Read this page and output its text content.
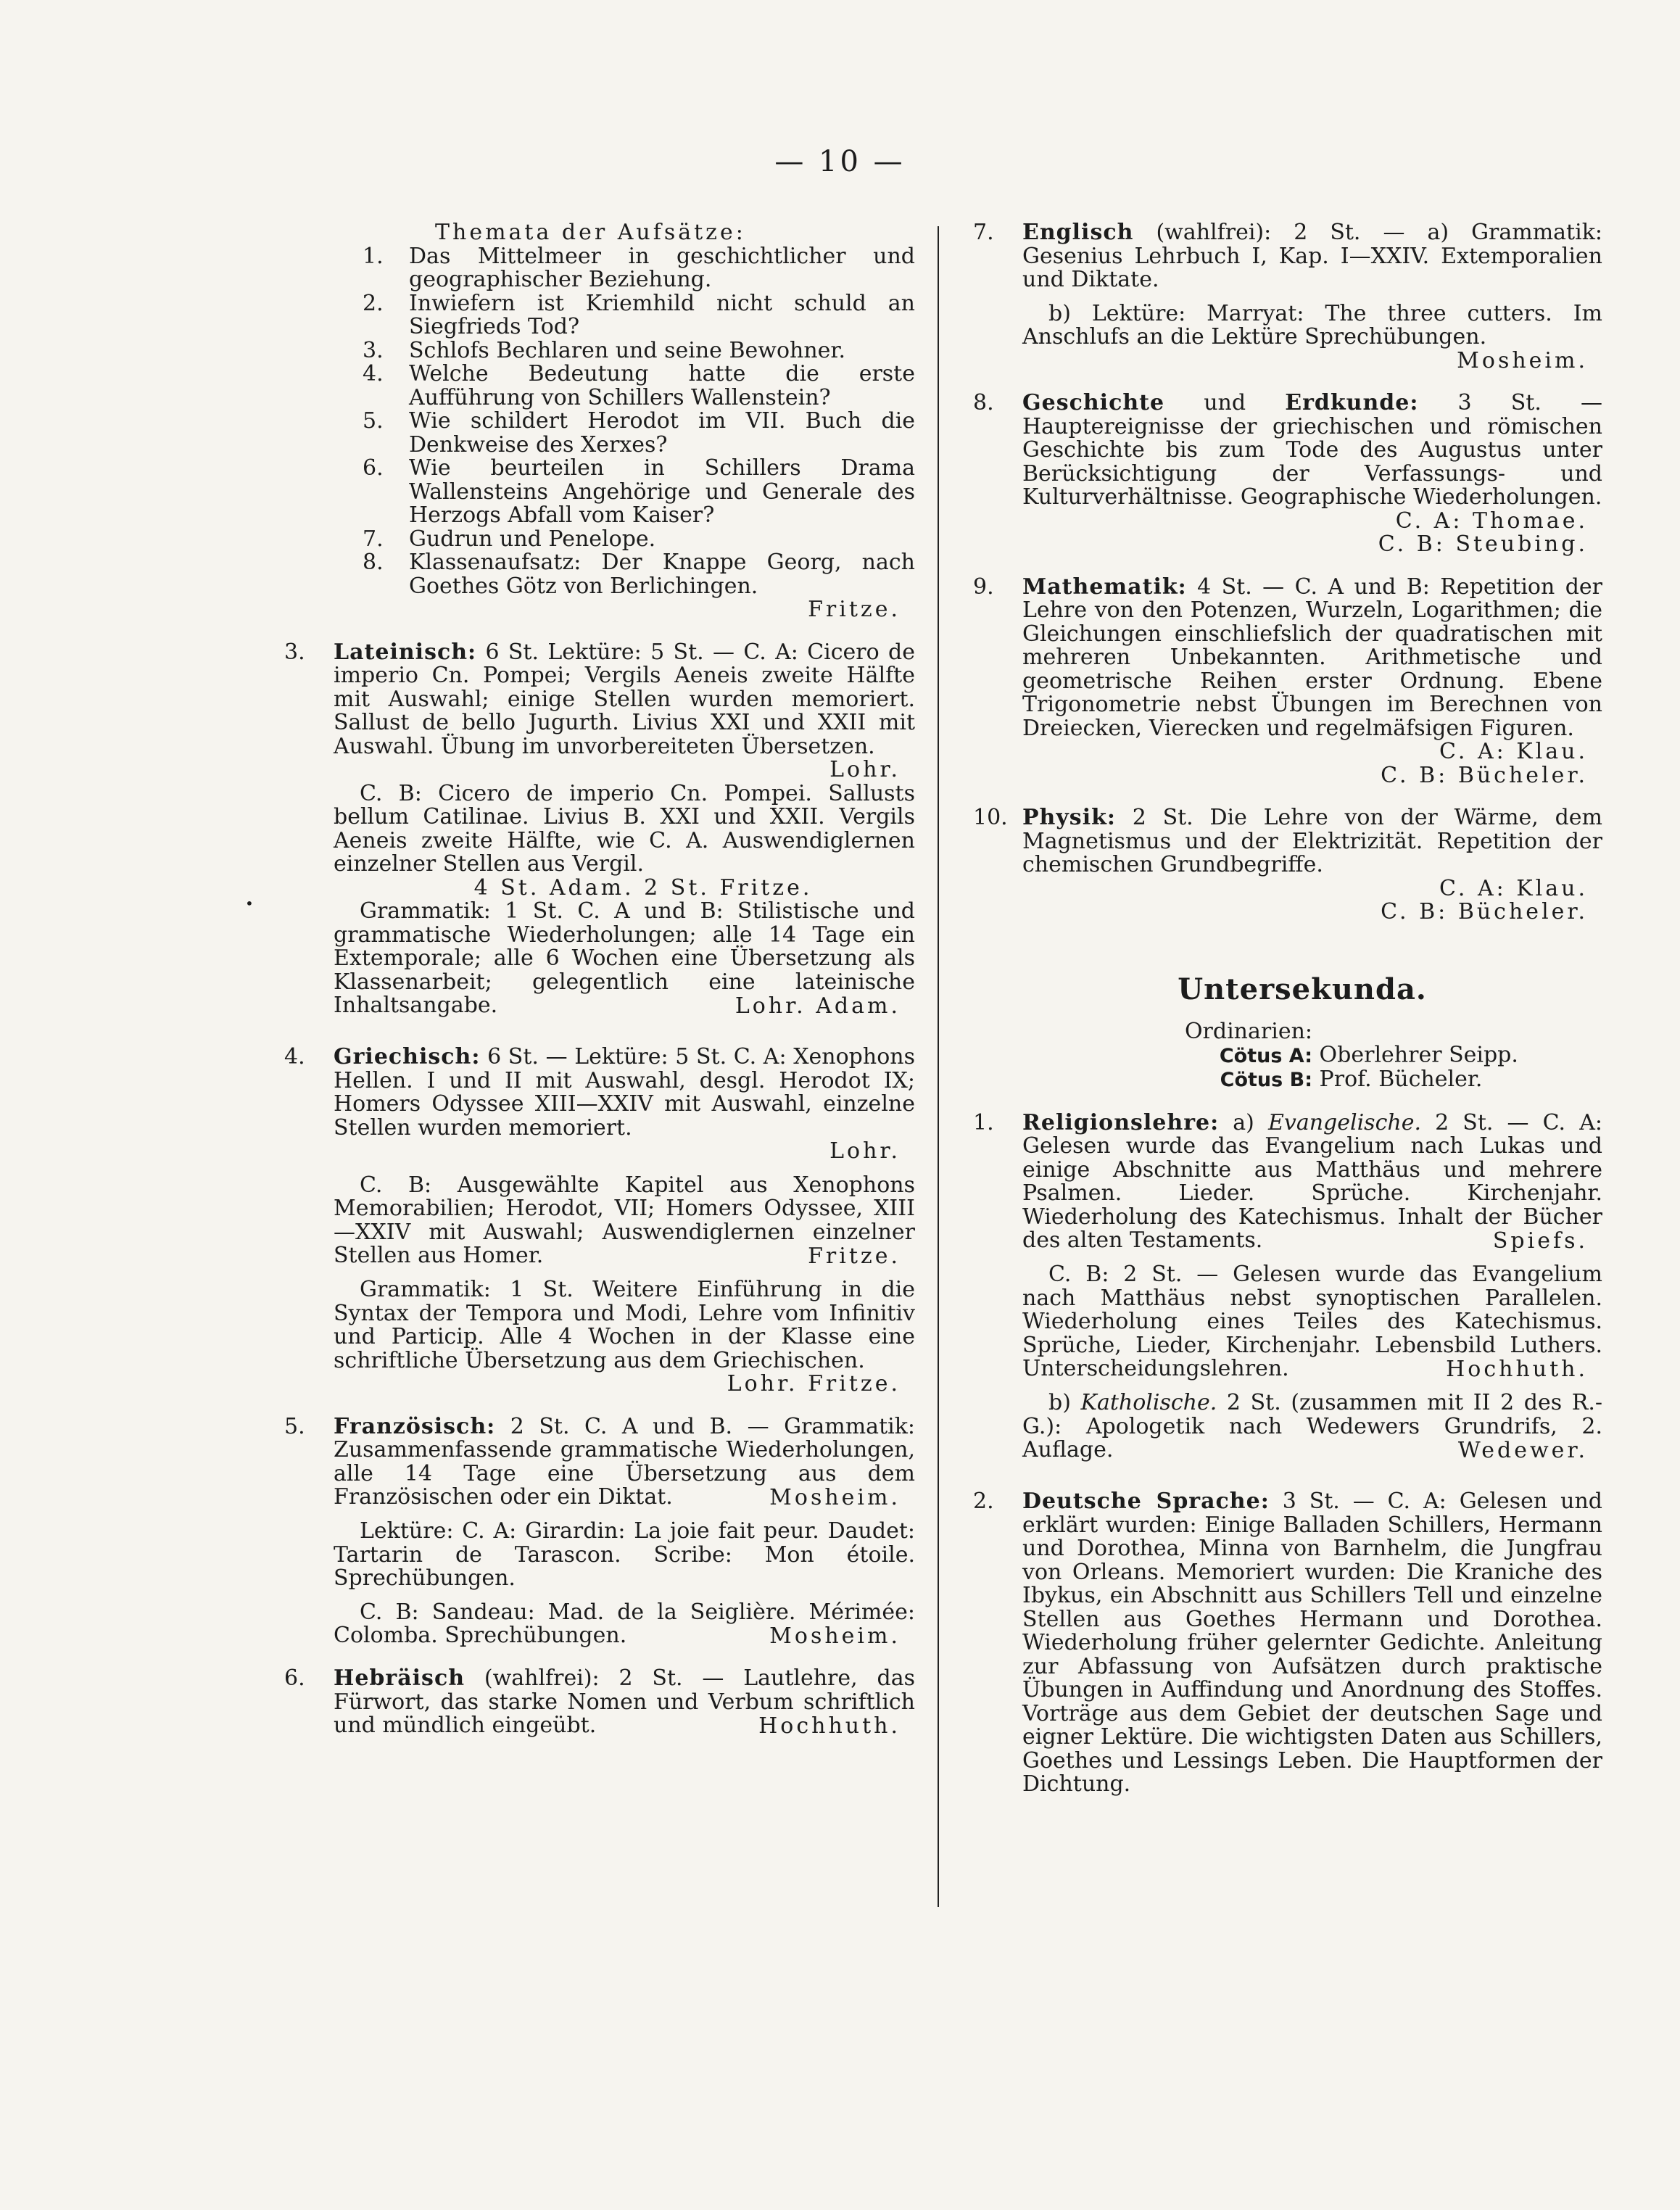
— 10 —
•
Themata der Aufsätze:
1. Das Mittelmeer in geschichtlicher und geographischer Beziehung.
2. Inwiefern ist Kriemhild nicht schuld an Siegfrieds Tod?
3. Schlofs Bechlaren und seine Bewohner.
4. Welche Bedeutung hatte die erste Aufführung von Schillers Wallenstein?
5. Wie schildert Herodot im VII. Buch die Denkweise des Xerxes?
6. Wie beurteilen in Schillers Drama Wallensteins Angehörige und Generale des Herzogs Abfall vom Kaiser?
7. Gudrun und Penelope.
8. Klassenaufsatz: Der Knappe Georg, nach Goethes Götz von Berlichingen.
Fritze.
3. Lateinisch: 6 St. Lektüre: 5 St. — C. A: Cicero de imperio Cn. Pompei; Vergils Aeneis zweite Hälfte mit Auswahl; einige Stellen wurden memoriert. Sallust de bello Jugurth. Livius XXI und XXII mit Auswahl. Übung im unvorbereiteten Übersetzen.
Lohr.
C. B: Cicero de imperio Cn. Pompei. Sallusts bellum Catilinae. Livius B. XXI und XXII. Vergils Aeneis zweite Hälfte, wie C. A. Auswendiglernen einzelner Stellen aus Vergil.
4 St. Adam. 2 St. Fritze.
Grammatik: 1 St. C. A und B: Stilistische und grammatische Wiederholungen; alle 14 Tage ein Extemporale; alle 6 Wochen eine Übersetzung als Klassenarbeit; gelegentlich eine lateinische Inhaltsangabe.	Lohr. Adam.
4. Griechisch: 6 St. — Lektüre: 5 St. C. A: Xenophons Hellen. I und II mit Auswahl, desgl. Herodot IX; Homers Odyssee XIII—XXIV mit Auswahl, einzelne Stellen wurden memoriert.
Lohr.
C. B: Ausgewählte Kapitel aus Xenophons Memorabilien; Herodot, VII; Homers Odyssee, XIII—XXIV mit Auswahl; Auswendiglernen einzelner Stellen aus Homer.	Fritze.
Grammatik: 1 St. Weitere Einführung in die Syntax der Tempora und Modi, Lehre vom Infinitiv und Particip. Alle 4 Wochen in der Klasse eine schriftliche Übersetzung aus dem Griechischen.
Lohr. Fritze.
5. Französisch: 2 St. C. A und B. — Grammatik: Zusammenfassende grammatische Wiederholungen, alle 14 Tage eine Übersetzung aus dem Französischen oder ein Diktat.	Mosheim.
Lektüre: C. A: Girardin: La joie fait peur. Daudet: Tartarin de Tarascon. Scribe: Mon étoile. Sprechübungen.
C. B: Sandeau: Mad. de la Seiglière. Mérimée: Colomba. Sprechübungen.	Mosheim.
6. Hebräisch (wahlfrei): 2 St. — Lautlehre, das Fürwort, das starke Nomen und Verbum schriftlich und mündlich eingeübt.	Hochhuth.
7. Englisch (wahlfrei): 2 St. — a) Grammatik: Gesenius Lehrbuch I, Kap. I—XXIV. Extemporalien und Diktate.
b) Lektüre: Marryat: The three cutters. Im Anschlufs an die Lektüre Sprechübungen.
Mosheim.
8. Geschichte und Erdkunde: 3 St. — Hauptereignisse der griechischen und römischen Geschichte bis zum Tode des Augustus unter Berücksichtigung der Verfassungs- und Kulturverhältnisse. Geographische Wiederholungen.
C. A: Thomae.
C. B: Steubing.
9. Mathematik: 4 St. — C. A und B: Repetition der Lehre von den Potenzen, Wurzeln, Logarithmen; die Gleichungen einschliefslich der quadratischen mit mehreren Unbekannten. Arithmetische und geometrische Reihen erster Ordnung. Ebene Trigonometrie nebst Übungen im Berechnen von Dreiecken, Vierecken und regelmäfsigen Figuren.
C. A: Klau.
C. B: Bücheler.
10. Physik: 2 St. Die Lehre von der Wärme, dem Magnetismus und der Elektrizität. Repetition der chemischen Grundbegriffe.
C. A: Klau.
C. B: Bücheler.
Untersekunda.
Ordinarien: Cötus A: Oberlehrer Seipp.
Cötus B: Prof. Bücheler.
1. Religionslehre: a) Evangelische. 2 St. — C. A: Gelesen wurde das Evangelium nach Lukas und einige Abschnitte aus Matthäus und mehrere Psalmen. Lieder. Sprüche. Kirchenjahr. Wiederholung des Katechismus. Inhalt der Bücher des alten Testaments.	Spiefs.
C. B: 2 St. — Gelesen wurde das Evangelium nach Matthäus nebst synoptischen Parallelen. Wiederholung eines Teiles des Katechismus. Sprüche, Lieder, Kirchenjahr. Lebensbild Luthers. Unterscheidungslehren.	Hochhuth.
b) Katholische. 2 St. (zusammen mit II 2 des R.-G.): Apologetik nach Wedewers Grundrifs, 2. Auflage.	Wedewer.
2. Deutsche Sprache: 3 St. — C. A: Gelesen und erklärt wurden: Einige Balladen Schillers, Hermann und Dorothea, Minna von Barnhelm, die Jungfrau von Orleans. Memoriert wurden: Die Kraniche des Ibykus, ein Abschnitt aus Schillers Tell und einzelne Stellen aus Goethes Hermann und Dorothea. Wiederholung früher gelernter Gedichte. Anleitung zur Abfassung von Aufsätzen durch praktische Übungen in Auffindung und Anordnung des Stoffes. Vorträge aus dem Gebiet der deutschen Sage und eigner Lektüre. Die wichtigsten Daten aus Schillers, Goethes und Lessings Leben. Die Hauptformen der Dichtung.
